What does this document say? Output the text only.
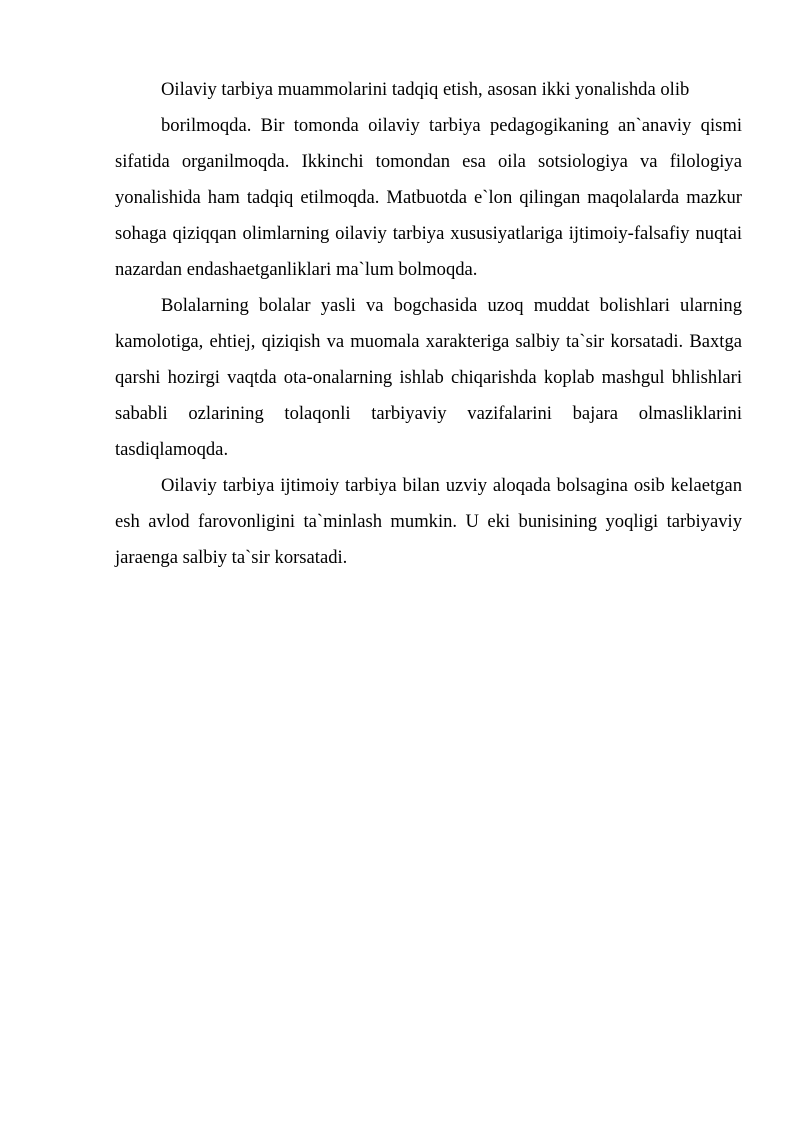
Oilaviy tarbiya muammolarini tadqiq etish, asosan ikki yonalishda olib

borilmoqda. Bir tomonda oilaviy tarbiya pedagogikaning an`anaviy qismi sifatida organilmoqda. Ikkinchi tomondan esa oila sotsiologiya va filologiya yonalishida ham tadqiq etilmoqda. Matbuotda e`lon qilingan maqolalarda mazkur sohaga qiziqqan olimlarning oilaviy tarbiya xususiyatlariga ijtimoiy-falsafiy nuqtai nazardan endashaetganliklari ma`lum bolmoqda.

Bolalarning bolalar yasli va bogchasida uzoq muddat bolishlari ularning kamolotiga, ehtiej, qiziqish va muomala xarakteriga salbiy ta`sir korsatadi. Baxtga qarshi hozirgi vaqtda ota-onalarning ishlab chiqarishda koplab mashgul bhlishlari sababli ozlarining tolaqonli tarbiyaviy vazifalarini bajara olmasliklarini tasdiqlamoqda.

Oilaviy tarbiya ijtimoiy tarbiya bilan uzviy aloqada bolsagina osib kelaetgan esh avlod farovonligini ta`minlash mumkin. U eki bunisining yoqligi tarbiyaviy jaraenga salbiy ta`sir korsatadi.
